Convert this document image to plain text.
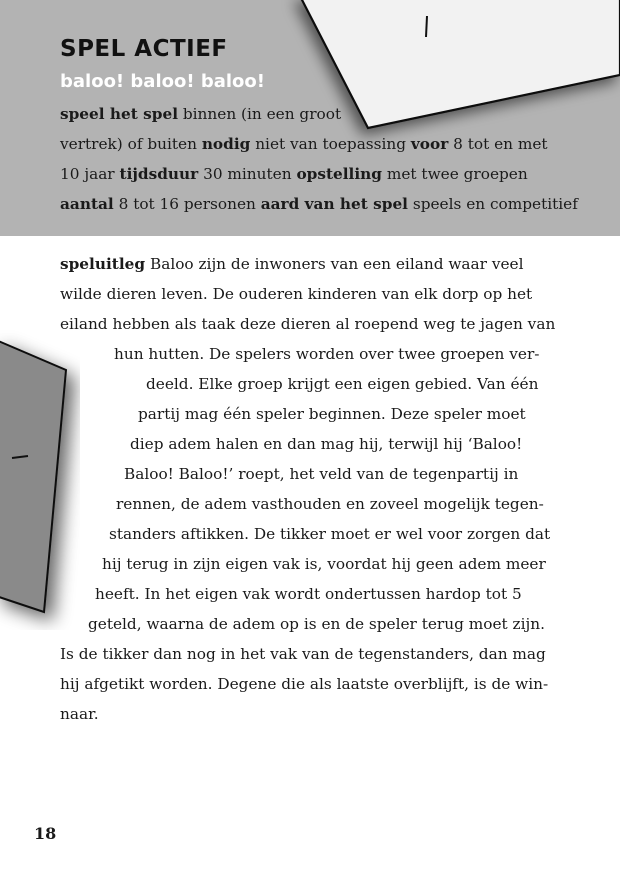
SPEL ACTIEF
baloo! baloo! baloo!
speel het spel binnen (in een groot
vertrek) of buiten nodig niet van toepassing voor 8 tot en met
10 jaar tijdsduur 30 minuten opstelling met twee groepen
aantal 8 tot 16 personen aard van het spel speels en competitief
speluitleg Baloo zijn de inwoners van een eiland waar veel
wilde dieren leven. De ouderen kinderen van elk dorp op het
eiland hebben als taak deze dieren al roepend weg te jagen van
hun hutten. De spelers worden over twee groepen ver-
deeld. Elke groep krijgt een eigen gebied. Van één
partij mag één speler beginnen. Deze speler moet
diep adem halen en dan mag hij, terwijl hij ‘Baloo!
Baloo! Baloo!’ roept, het veld van de tegenpartij in
rennen, de adem vasthouden en zoveel mogelijk tegen-
standers aftikken. De tikker moet er wel voor zorgen dat
hij terug in zijn eigen vak is, voordat hij geen adem meer
heeft. In het eigen vak wordt ondertussen hardop tot 5
geteld, waarna de adem op is en de speler terug moet zijn.
Is de tikker dan nog in het vak van de tegenstanders, dan mag
hij afgetikt worden. Degene die als laatste overblijft, is de win-
naar.
18
